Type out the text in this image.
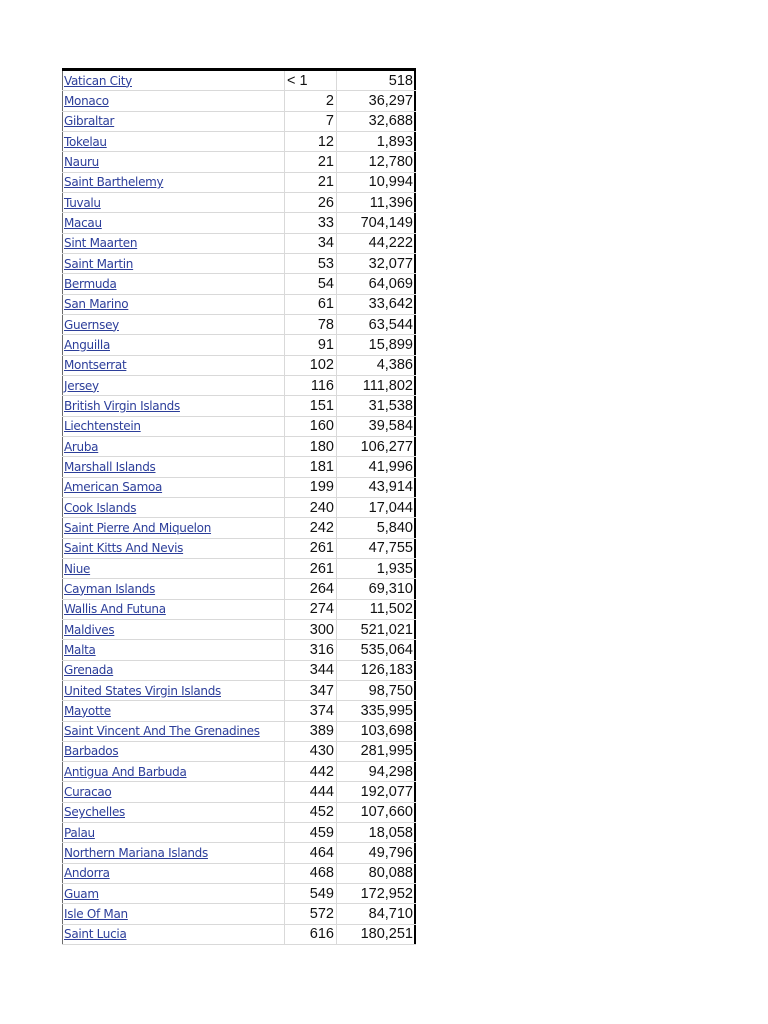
Vatican City	< 1	518
Monaco	2	36,297
Gibraltar	7	32,688
Tokelau	12	1,893
Nauru	21	12,780
Saint Barthelemy	21	10,994
Tuvalu	26	11,396
Macau	33	704,149
Sint Maarten	34	44,222
Saint Martin	53	32,077
Bermuda	54	64,069
San Marino	61	33,642
Guernsey	78	63,544
Anguilla	91	15,899
Montserrat	102	4,386
Jersey	116	111,802
British Virgin Islands	151	31,538
Liechtenstein	160	39,584
Aruba	180	106,277
Marshall Islands	181	41,996
American Samoa	199	43,914
Cook Islands	240	17,044
Saint Pierre And Miquelon	242	5,840
Saint Kitts And Nevis	261	47,755
Niue	261	1,935
Cayman Islands	264	69,310
Wallis And Futuna	274	11,502
Maldives	300	521,021
Malta	316	535,064
Grenada	344	126,183
United States Virgin Islands	347	98,750
Mayotte	374	335,995
Saint Vincent And The Grenadines	389	103,698
Barbados	430	281,995
Antigua And Barbuda	442	94,298
Curacao	444	192,077
Seychelles	452	107,660
Palau	459	18,058
Northern Mariana Islands	464	49,796
Andorra	468	80,088
Guam	549	172,952
Isle Of Man	572	84,710
Saint Lucia	616	180,251
